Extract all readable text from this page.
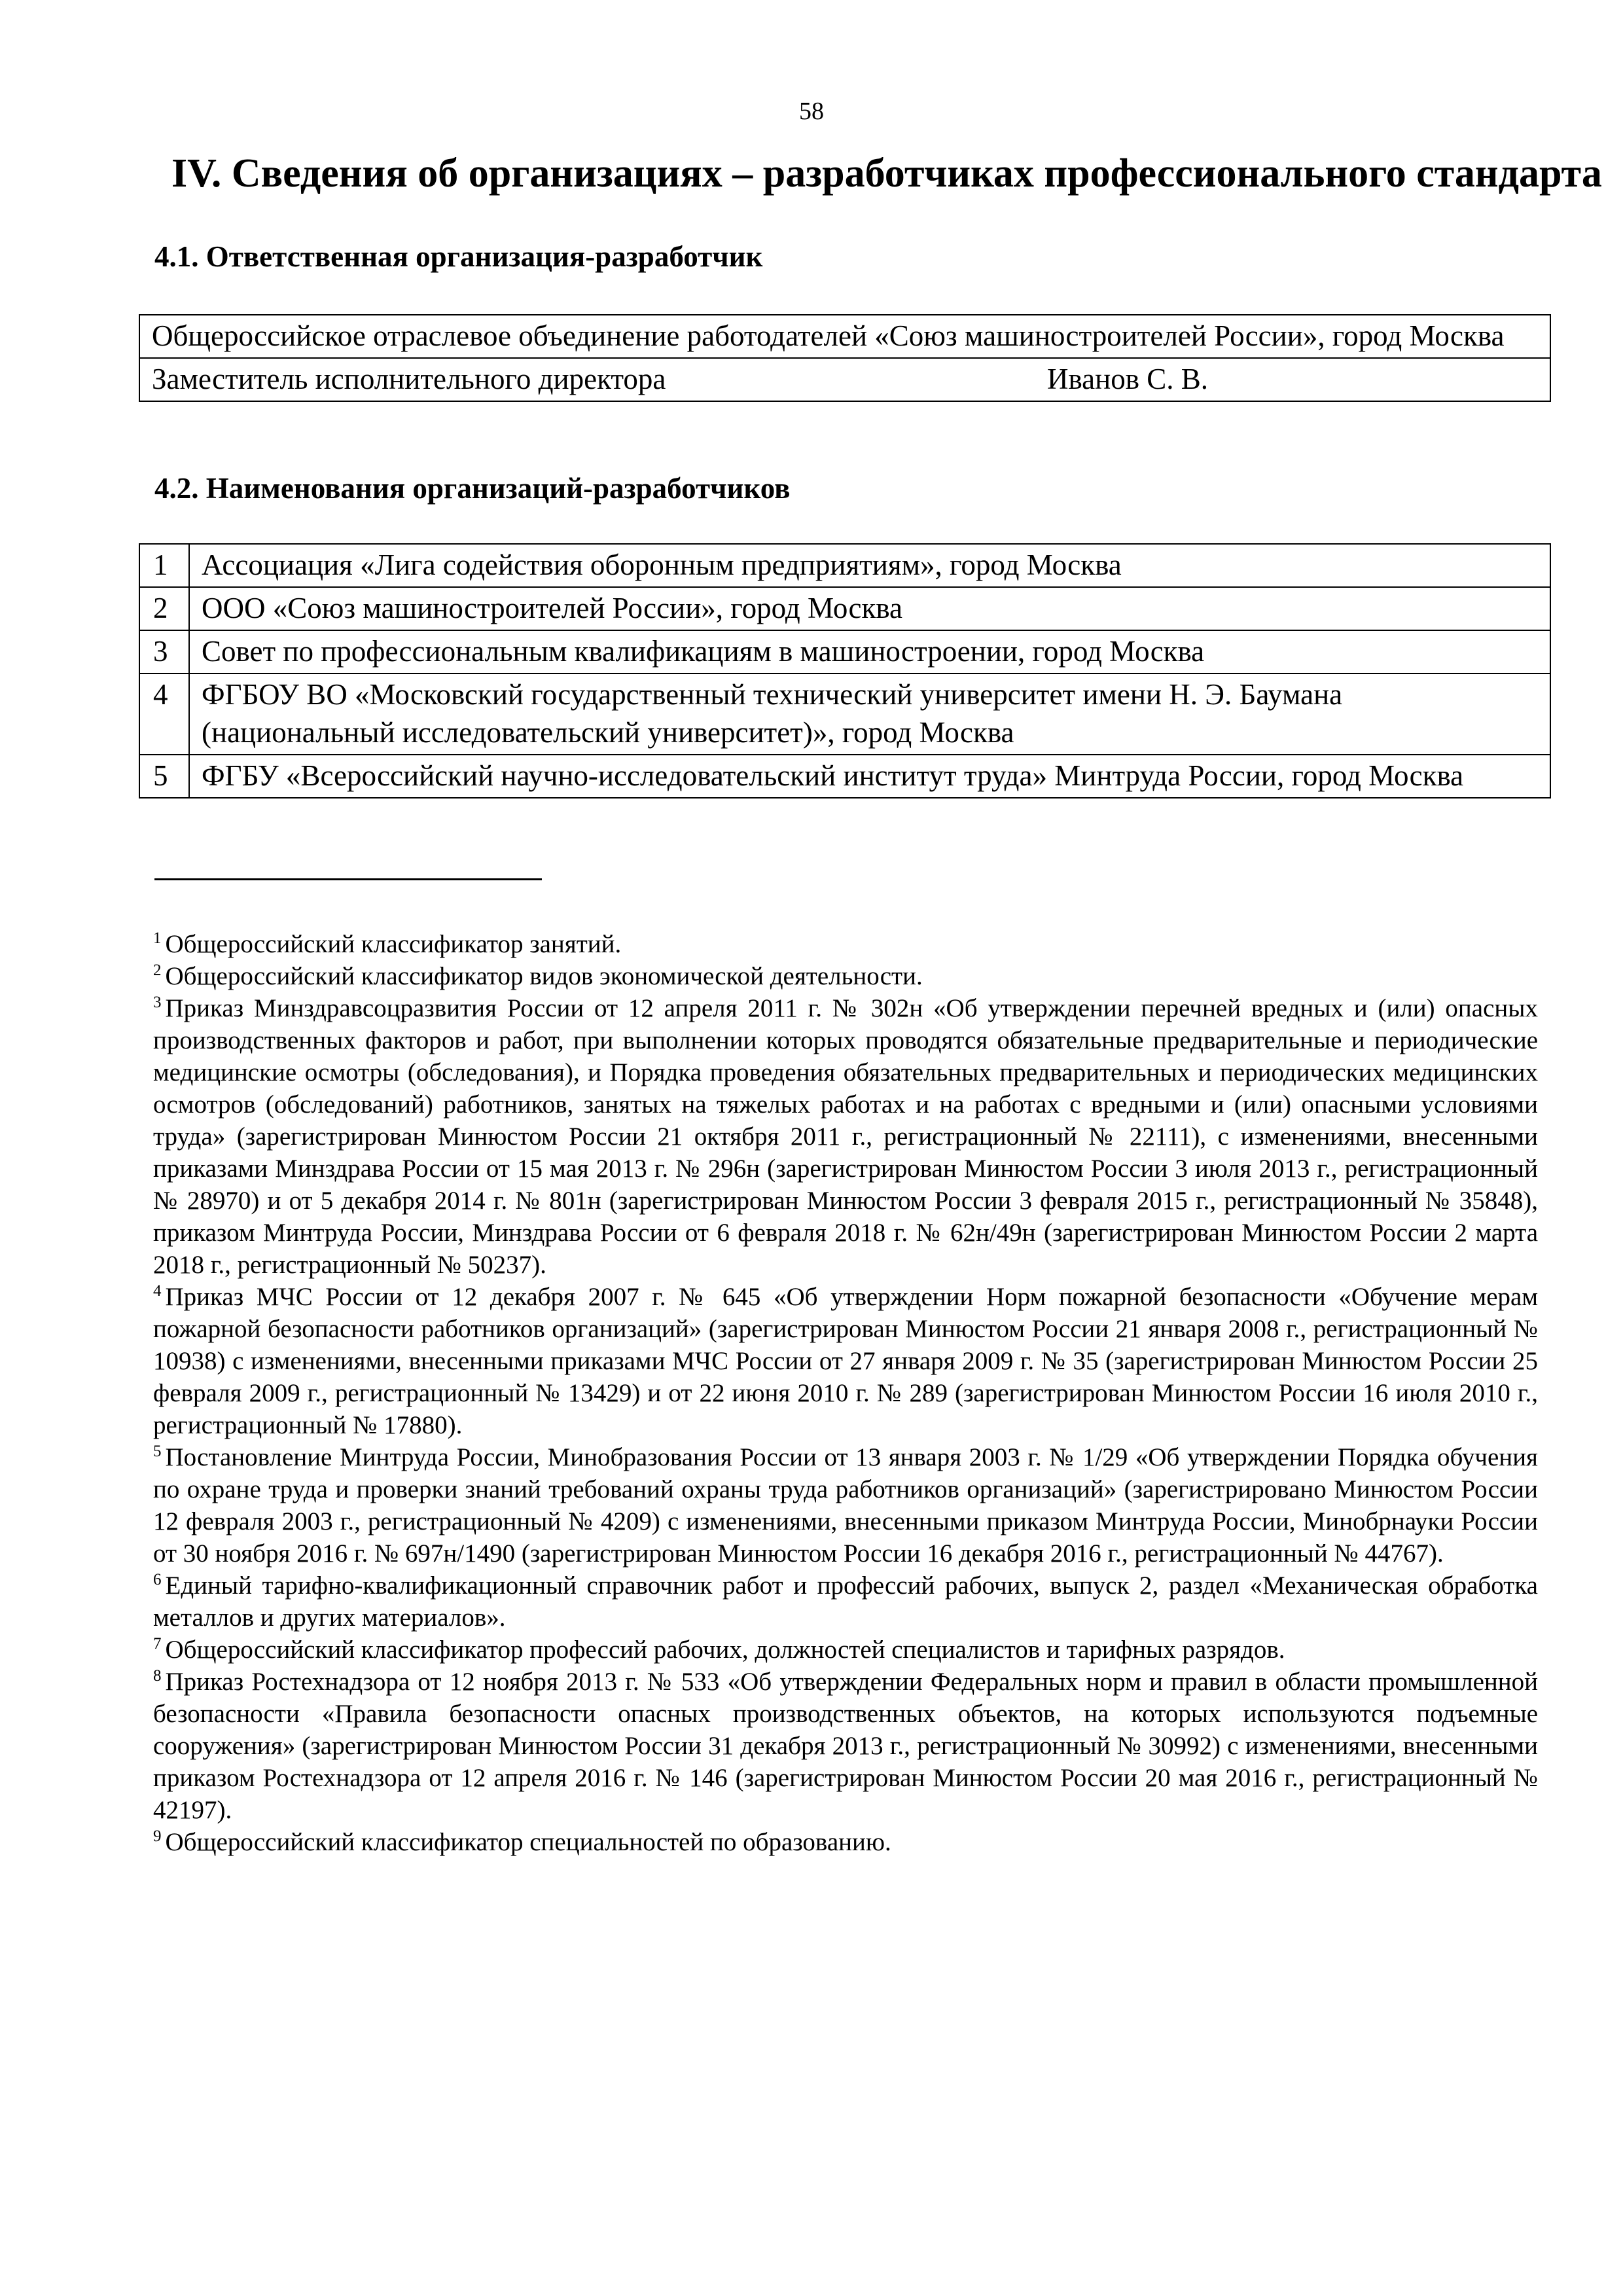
58
IV. Сведения об организациях – разработчиках профессионального стандарта
4.1. Ответственная организация-разработчик
Общероссийское отраслевое объединение работодателей «Союз машиностроителей России», город Москва
Заместитель исполнительного директора	Иванов С. В.
4.2. Наименования организаций-разработчиков
1	Ассоциация «Лига содействия оборонным предприятиям», город Москва
2	ООО «Союз машиностроителей России», город Москва
3	Совет по профессиональным квалификациям в машиностроении, город Москва
4	ФГБОУ ВО «Московский государственный технический университет имени Н. Э. Баумана (национальный исследовательский университет)», город Москва
5	ФГБУ «Всероссийский научно-исследовательский институт труда» Минтруда России, город Москва

$^1$ Общероссийский классификатор занятий.

$^2$ Общероссийский классификатор видов экономической деятельности.

$^3$ Приказ Минздравсоцразвития России от 12 апреля 2011 г. № 302н «Об утверждении перечней вредных и (или) опасных производственных факторов и работ, при выполнении которых проводятся обязательные предварительные и периодические медицинские осмотры (обследования), и Порядка проведения обязательных предварительных и периодических медицинских осмотров (обследований) работников, занятых на тяжелых работах и на работах с вредными и (или) опасными условиями труда» (зарегистрирован Минюстом России 21 октября 2011 г., регистрационный № 22111), с изменениями, внесенными приказами Минздрава России от 15 мая 2013 г. № 296н (зарегистрирован Минюстом России 3 июля 2013 г., регистрационный № 28970) и от 5 декабря 2014 г. № 801н (зарегистрирован Минюстом России 3 февраля 2015 г., регистрационный № 35848), приказом Минтруда России, Минздрава России от 6 февраля 2018 г. № 62н/49н (зарегистрирован Минюстом России 2 марта 2018 г., регистрационный № 50237).

$^4$ Приказ МЧС России от 12 декабря 2007 г. № 645 «Об утверждении Норм пожарной безопасности «Обучение мерам пожарной безопасности работников организаций» (зарегистрирован Минюстом России 21 января 2008 г., регистрационный № 10938) с изменениями, внесенными приказами МЧС России от 27 января 2009 г. № 35 (зарегистрирован Минюстом России 25 февраля 2009 г., регистрационный № 13429) и от 22 июня 2010 г. № 289 (зарегистрирован Минюстом России 16 июля 2010 г., регистрационный № 17880).

$^5$ Постановление Минтруда России, Минобразования России от 13 января 2003 г. № 1/29 «Об утверждении Порядка обучения по охране труда и проверки знаний требований охраны труда работников организаций» (зарегистрировано Минюстом России 12 февраля 2003 г., регистрационный № 4209) с изменениями, внесенными приказом Минтруда России, Минобрнауки России от 30 ноября 2016 г. № 697н/1490 (зарегистрирован Минюстом России 16 декабря 2016 г., регистрационный № 44767).

$^6$ Единый тарифно-квалификационный справочник работ и профессий рабочих, выпуск 2, раздел «Механическая обработка металлов и других материалов».

$^7$ Общероссийский классификатор профессий рабочих, должностей специалистов и тарифных разрядов.

$^8$ Приказ Ростехнадзора от 12 ноября 2013 г. № 533 «Об утверждении Федеральных норм и правил в области промышленной безопасности «Правила безопасности опасных производственных объектов, на которых используются подъемные сооружения» (зарегистрирован Минюстом России 31 декабря 2013 г., регистрационный № 30992) с изменениями, внесенными приказом Ростехнадзора от 12 апреля 2016 г. № 146 (зарегистрирован Минюстом России 20 мая 2016 г., регистрационный № 42197).

$^9$ Общероссийский классификатор специальностей по образованию.
